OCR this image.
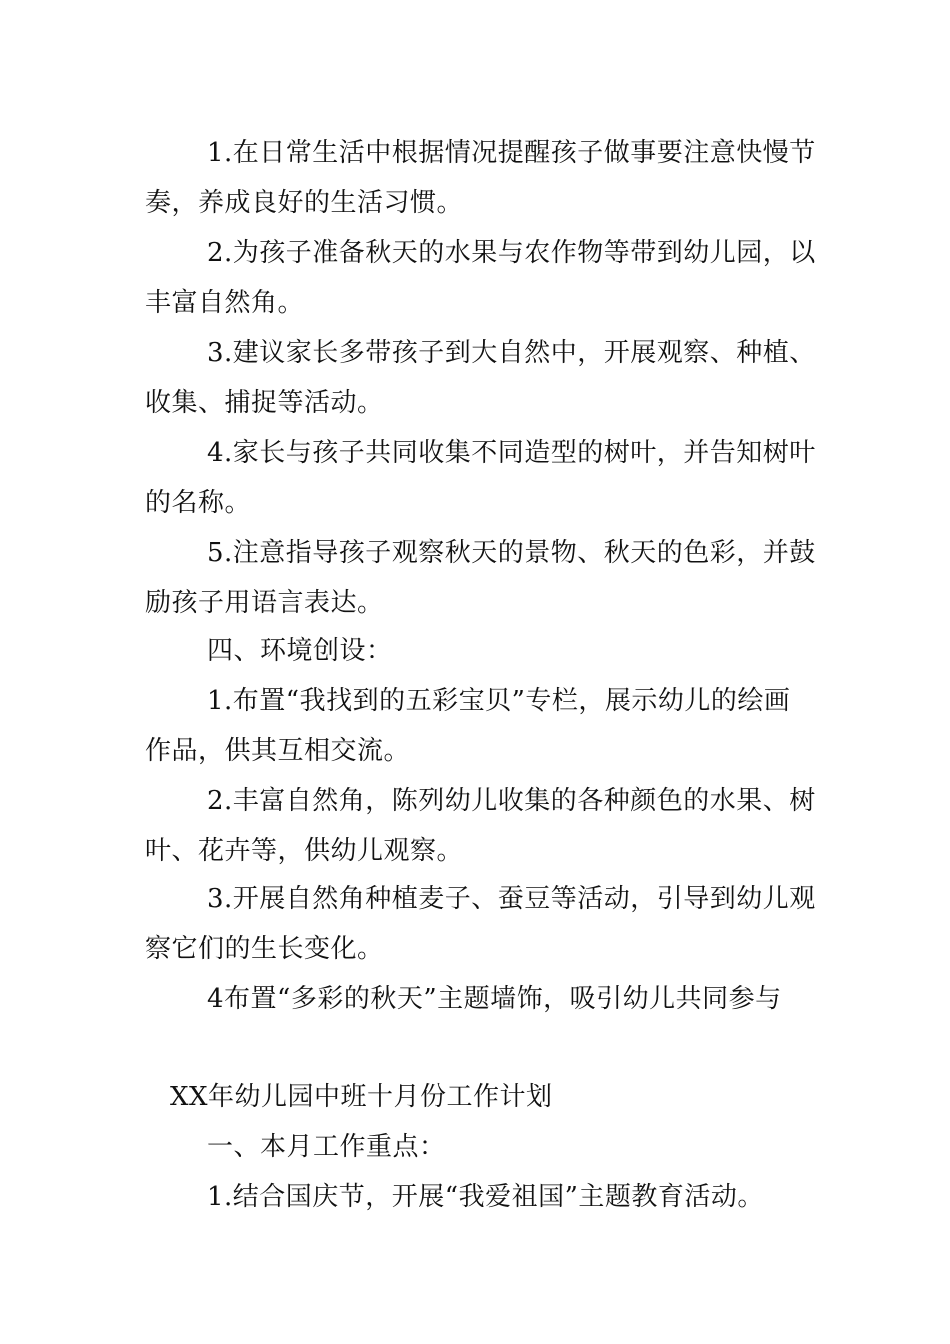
1.在日常生活中根据情况提醒孩子做事要注意快慢节
奏，养成良好的生活习惯。
2.为孩子准备秋天的水果与农作物等带到幼儿园，以
丰富自然角。
3.建议家长多带孩子到大自然中，开展观察、种植、
收集、捕捉等活动。
4.家长与孩子共同收集不同造型的树叶，并告知树叶
的名称。
5.注意指导孩子观察秋天的景物、秋天的色彩，并鼓
励孩子用语言表达。
四、环境创设：
1.布置“我找到的五彩宝贝”专栏，展示幼儿的绘画
作品，供其互相交流。
2.丰富自然角，陈列幼儿收集的各种颜色的水果、树
叶、花卉等，供幼儿观察。
3.开展自然角种植麦子、蚕豆等活动，引导到幼儿观
察它们的生长变化。
4布置“多彩的秋天”主题墙饰，吸引幼儿共同参与
XX年幼儿园中班十月份工作计划
一、本月工作重点：
1.结合国庆节，开展“我爱祖国”主题教育活动。
